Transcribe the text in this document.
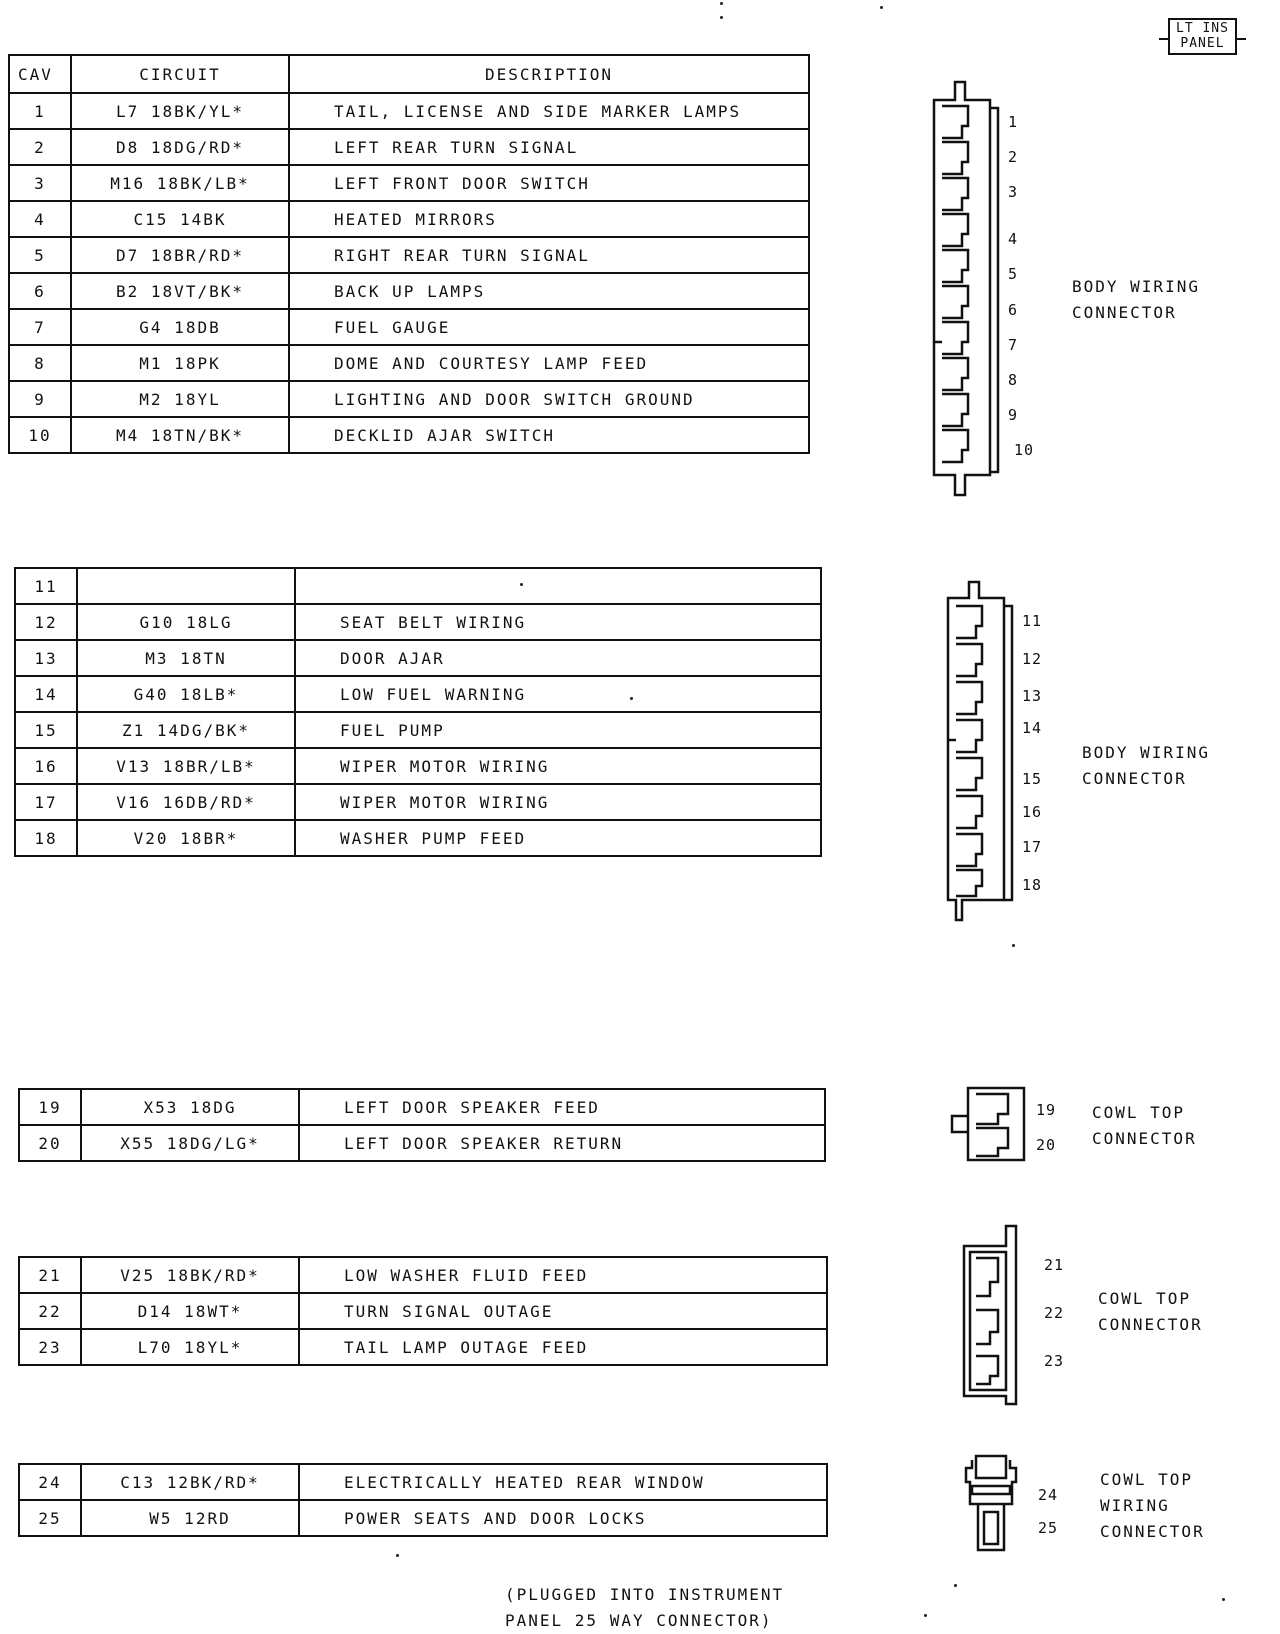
LT INS
PANEL
CAV	CIRCUIT	DESCRIPTION
1	L7 18BK/YL*	TAIL, LICENSE AND SIDE MARKER LAMPS
2	D8 18DG/RD*	LEFT REAR TURN SIGNAL
3	M16 18BK/LB*	LEFT FRONT DOOR SWITCH
4	C15 14BK	HEATED MIRRORS
5	D7 18BR/RD*	RIGHT REAR TURN SIGNAL
6	B2 18VT/BK*	BACK UP LAMPS
7	G4 18DB	FUEL GAUGE
8	M1 18PK	DOME AND COURTESY LAMP FEED
9	M2 18YL	LIGHTING AND DOOR SWITCH GROUND
10	M4 18TN/BK*	DECKLID AJAR SWITCH
11		
12	G10 18LG	SEAT BELT WIRING
13	M3 18TN	DOOR AJAR
14	G40 18LB*	LOW FUEL WARNING
15	Z1 14DG/BK*	FUEL PUMP
16	V13 18BR/LB*	WIPER MOTOR WIRING
17	V16 16DB/RD*	WIPER MOTOR WIRING
18	V20 18BR*	WASHER PUMP FEED
19	X53 18DG	LEFT DOOR SPEAKER FEED
20	X55 18DG/LG*	LEFT DOOR SPEAKER RETURN
21	V25 18BK/RD*	LOW WASHER FLUID FEED
22	D14 18WT*	TURN SIGNAL OUTAGE
23	L70 18YL*	TAIL LAMP OUTAGE FEED
24	C13 12BK/RD*	ELECTRICALLY HEATED REAR WINDOW
25	W5 12RD	POWER SEATS AND DOOR LOCKS
1
2
3
4
5
6
7
8
9
10
BODY WIRING
CONNECTOR
11
12
13
14
15
16
17
18
BODY WIRING
CONNECTOR
19
20
COWL TOP
CONNECTOR
21
22
23
COWL TOP
CONNECTOR
24
25
COWL TOP
WIRING
CONNECTOR
(PLUGGED INTO INSTRUMENT
PANEL 25 WAY CONNECTOR)
